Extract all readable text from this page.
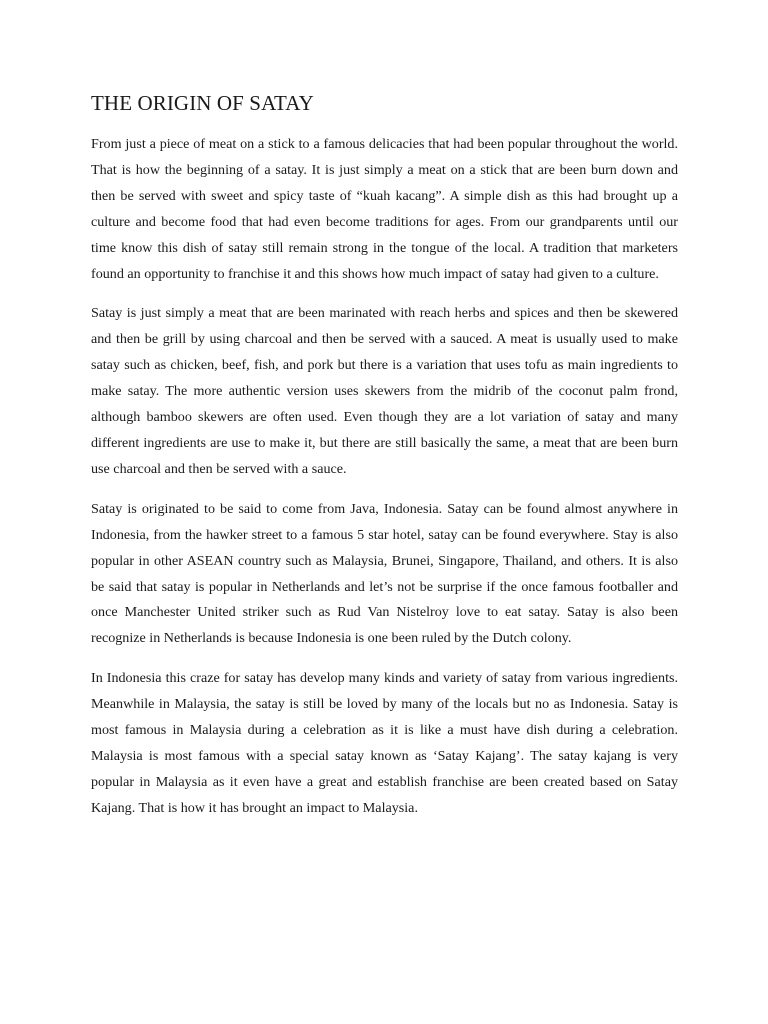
THE ORIGIN OF SATAY

From just a piece of meat on a stick to a famous delicacies that had been popular throughout the world. That is how the beginning of a satay. It is just simply a meat on a stick that are been burn down and then be served with sweet and spicy taste of “kuah kacang”. A simple dish as this had brought up a culture and become food that had even become traditions for ages. From our grandparents until our time know this dish of satay still remain strong in the tongue of the local. A tradition that marketers found an opportunity to franchise it and this shows how much impact of satay had given to a culture.

Satay is just simply a meat that are been marinated with reach herbs and spices and then be skewered and then be grill by using charcoal and then be served with a sauced. A meat is usually used to make satay such as chicken, beef, fish, and pork but there is a variation that uses tofu as main ingredients to make satay. The more authentic version uses skewers from the midrib of the coconut palm frond, although bamboo skewers are often used. Even though they are a lot variation of satay and many different ingredients are use to make it, but there are still basically the same, a meat that are been burn use charcoal and then be served with a sauce.

Satay is originated to be said to come from Java, Indonesia. Satay can be found almost anywhere in Indonesia, from the hawker street to a famous 5 star hotel, satay can be found everywhere. Stay is also popular in other ASEAN country such as Malaysia, Brunei, Singapore, Thailand, and others. It is also be said that satay is popular in Netherlands and let’s not be surprise if the once famous footballer and once Manchester United striker such as Rud Van Nistelroy love to eat satay. Satay is also been recognize in Netherlands is because Indonesia is one been ruled by the Dutch colony.

In Indonesia this craze for satay has develop many kinds and variety of satay from various ingredients. Meanwhile in Malaysia, the satay is still be loved by many of the locals but no as Indonesia. Satay is most famous in Malaysia during a celebration as it is like a must have dish during a celebration. Malaysia is most famous with a special satay known as ‘Satay Kajang’. The satay kajang is very popular in Malaysia as it even have a great and establish franchise are been created based on Satay Kajang. That is how it has brought an impact to Malaysia.
